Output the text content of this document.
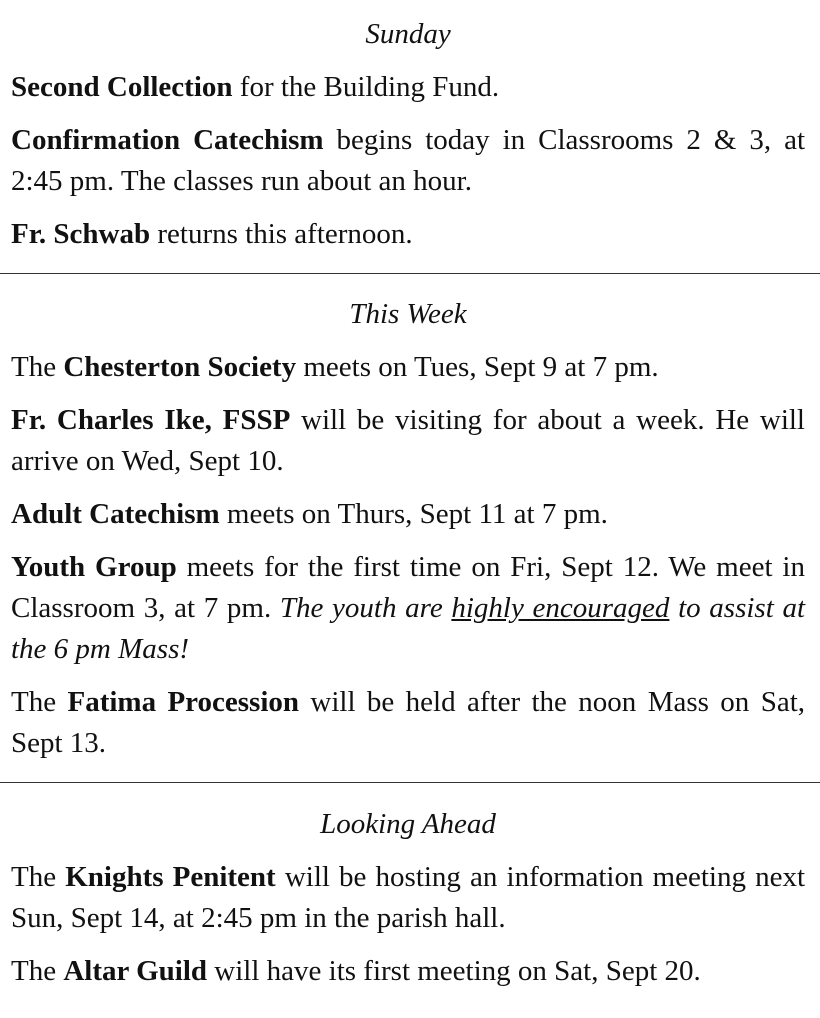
Sunday

Second Collection for the Building Fund.

Confirmation Catechism begins today in Classrooms 2 & 3, at 2:45 pm. The classes run about an hour.

Fr. Schwab returns this afternoon.

This Week

The Chesterton Society meets on Tues, Sept 9 at 7 pm.

Fr. Charles Ike, FSSP will be visiting for about a week. He will arrive on Wed, Sept 10.

Adult Catechism meets on Thurs, Sept 11 at 7 pm.

Youth Group meets for the first time on Fri, Sept 12. We meet in Classroom 3, at 7 pm. The youth are highly encouraged to assist at the 6 pm Mass!

The Fatima Procession will be held after the noon Mass on Sat, Sept 13.

Looking Ahead

The Knights Penitent will be hosting an information meeting next Sun, Sept 14, at 2:45 pm in the parish hall.

The Altar Guild will have its first meeting on Sat, Sept 20.
